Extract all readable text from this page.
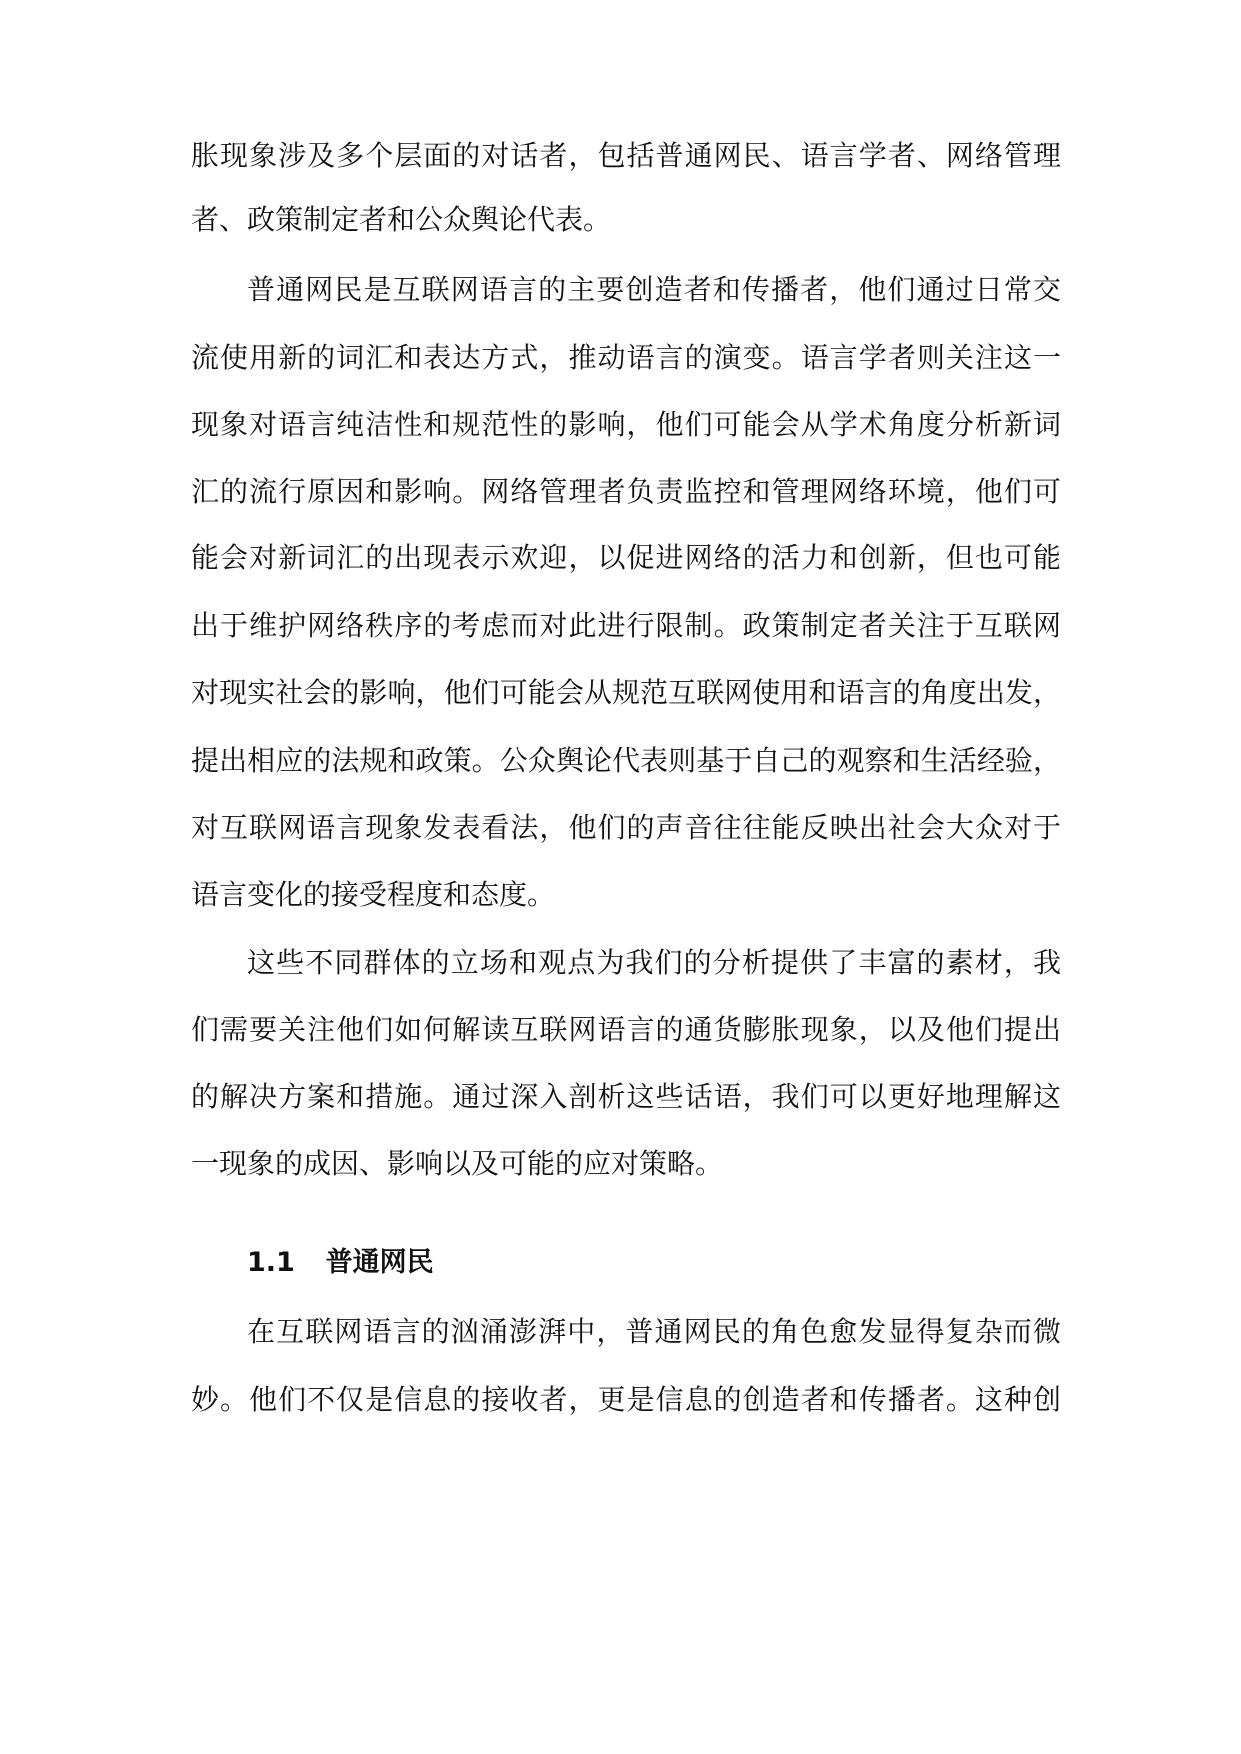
胀现象涉及多个层面的对话者，包括普通网民、语言学者、网络管理
者、政策制定者和公众舆论代表。
普通网民是互联网语言的主要创造者和传播者，他们通过日常交
流使用新的词汇和表达方式，推动语言的演变。语言学者则关注这一
现象对语言纯洁性和规范性的影响，他们可能会从学术角度分析新词
汇的流行原因和影响。网络管理者负责监控和管理网络环境，他们可
能会对新词汇的出现表示欢迎，以促进网络的活力和创新，但也可能
出于维护网络秩序的考虑而对此进行限制。政策制定者关注于互联网
对现实社会的影响，他们可能会从规范互联网使用和语言的角度出发，
提出相应的法规和政策。公众舆论代表则基于自己的观察和生活经验，
对互联网语言现象发表看法，他们的声音往往能反映出社会大众对于
语言变化的接受程度和态度。
这些不同群体的立场和观点为我们的分析提供了丰富的素材，我
们需要关注他们如何解读互联网语言的通货膨胀现象，以及他们提出
的解决方案和措施。通过深入剖析这些话语，我们可以更好地理解这
一现象的成因、影响以及可能的应对策略。
1.1 普通网民
在互联网语言的汹涌澎湃中，普通网民的角色愈发显得复杂而微
妙。他们不仅是信息的接收者，更是信息的创造者和传播者。这种创
